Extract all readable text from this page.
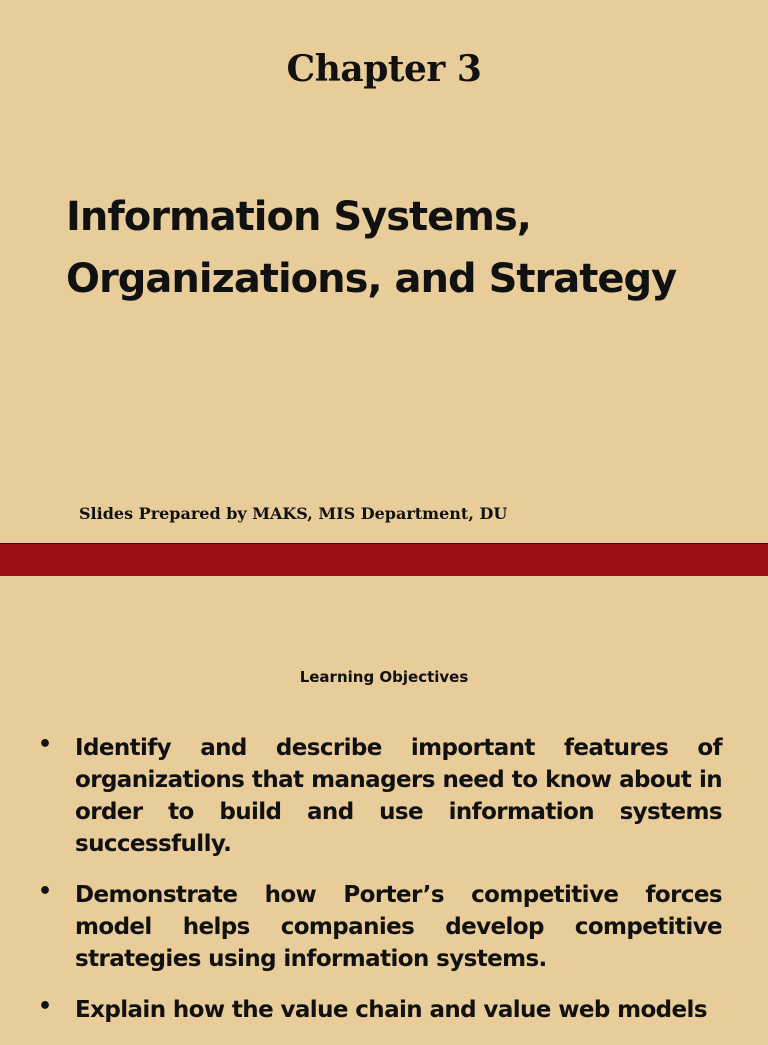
Chapter 3
Information Systems,
Organizations, and Strategy

Slides Prepared by MAKS, MIS Department, DU

Learning Objectives

• Identify and describe important features of organizations that managers need to know about in order to build and use information systems successfully.
• Demonstrate how Porter’s competitive forces model helps companies develop competitive strategies using information systems.
• Explain how the value chain and value web models
